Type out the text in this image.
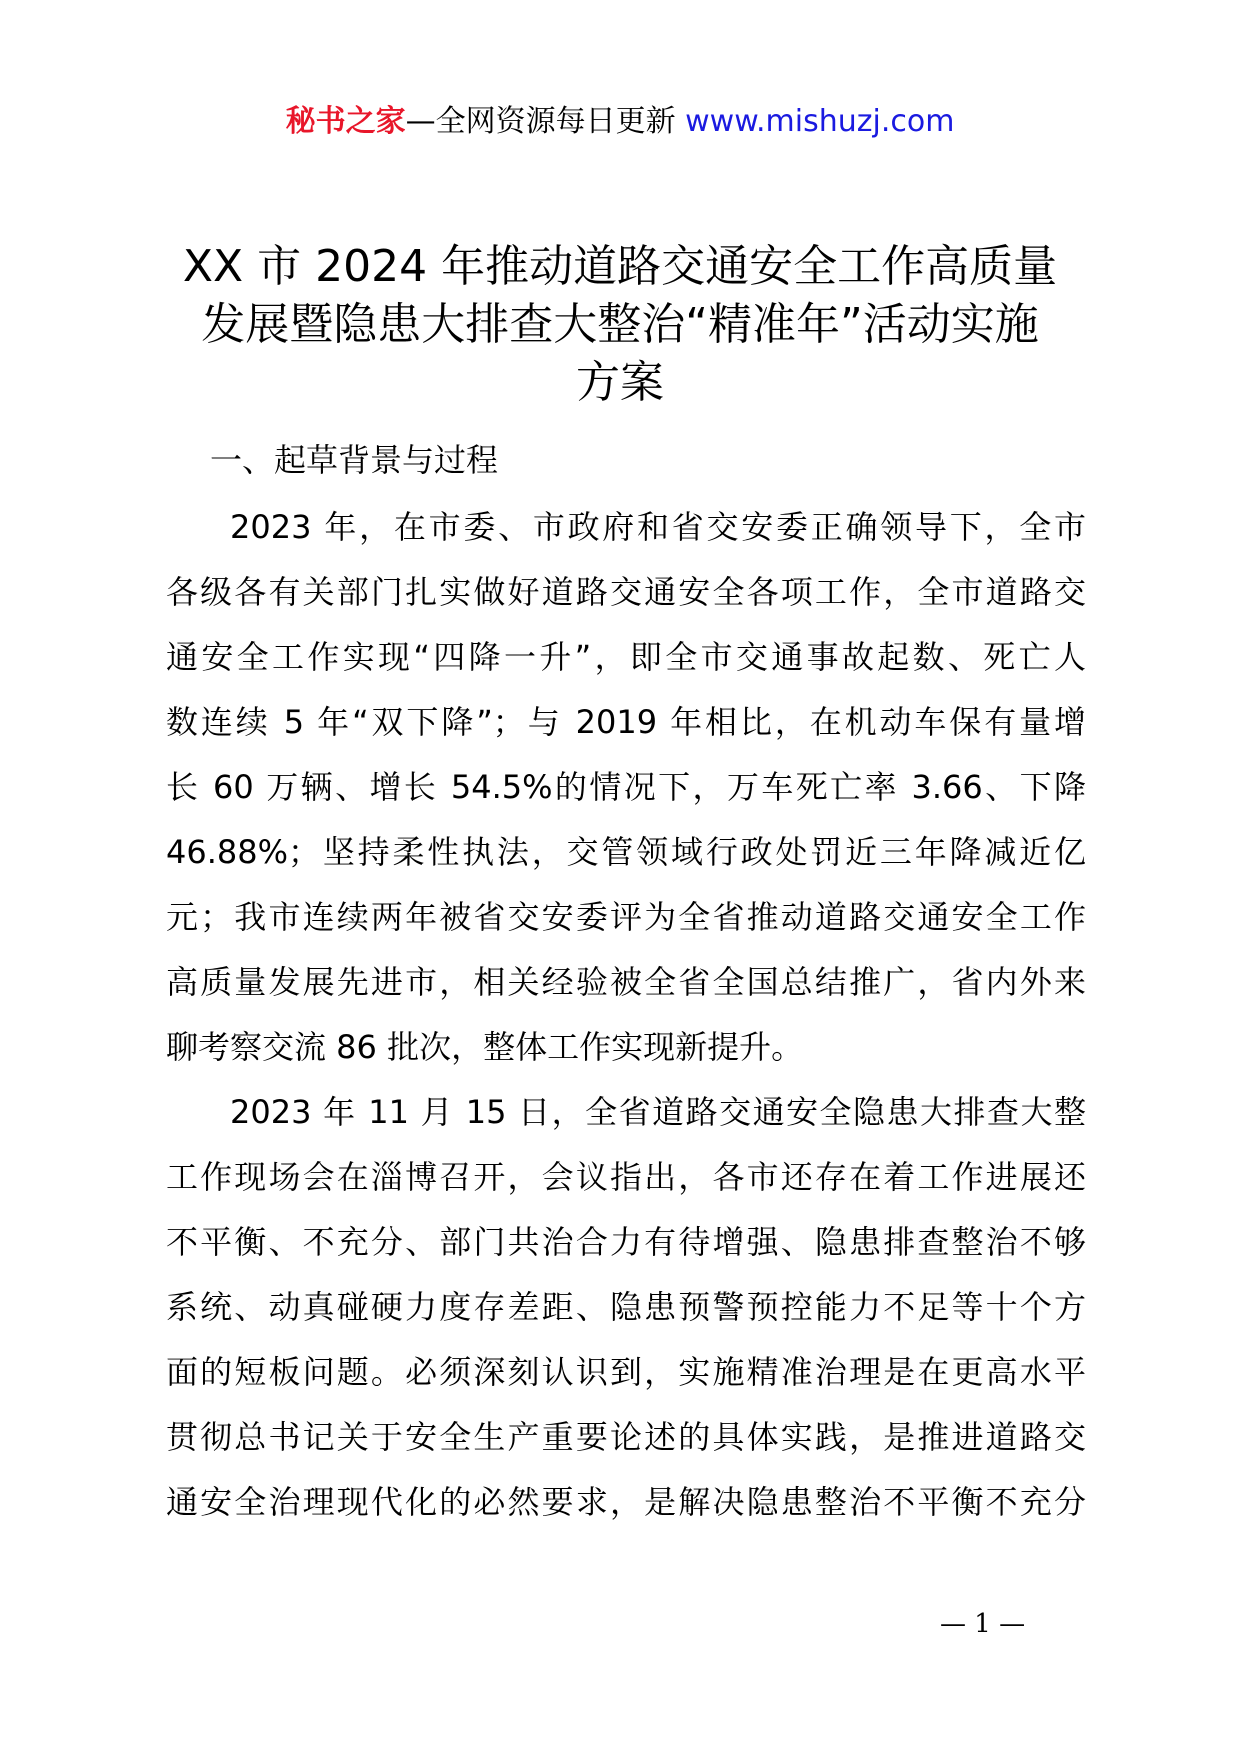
秘书之家—全网资源每日更新 www.mishuzj.com
XX 市 2024 年推动道路交通安全工作高质量
发展暨隐患大排查大整治“精准年”活动实施
方案
一、起草背景与过程
2023 年，在市委、市政府和省交安委正确领导下，全市
各级各有关部门扎实做好道路交通安全各项工作，全市道路交
通安全工作实现“四降一升”，即全市交通事故起数、死亡人
数连续 5 年“双下降”；与 2019 年相比，在机动车保有量增
长 60 万辆、增长 54.5%的情况下，万车死亡率 3.66、下降
46.88%；坚持柔性执法，交管领域行政处罚近三年降减近亿
元；我市连续两年被省交安委评为全省推动道路交通安全工作
高质量发展先进市，相关经验被全省全国总结推广，省内外来
聊考察交流 86 批次，整体工作实现新提升。
2023 年 11 月 15 日，全省道路交通安全隐患大排查大整
工作现场会在淄博召开，会议指出，各市还存在着工作进展还
不平衡、不充分、部门共治合力有待增强、隐患排查整治不够
系统、动真碰硬力度存差距、隐患预警预控能力不足等十个方
面的短板问题。必须深刻认识到，实施精准治理是在更高水平
贯彻总书记关于安全生产重要论述的具体实践，是推进道路交
通安全治理现代化的必然要求，是解决隐患整治不平衡不充分
— 1 —
